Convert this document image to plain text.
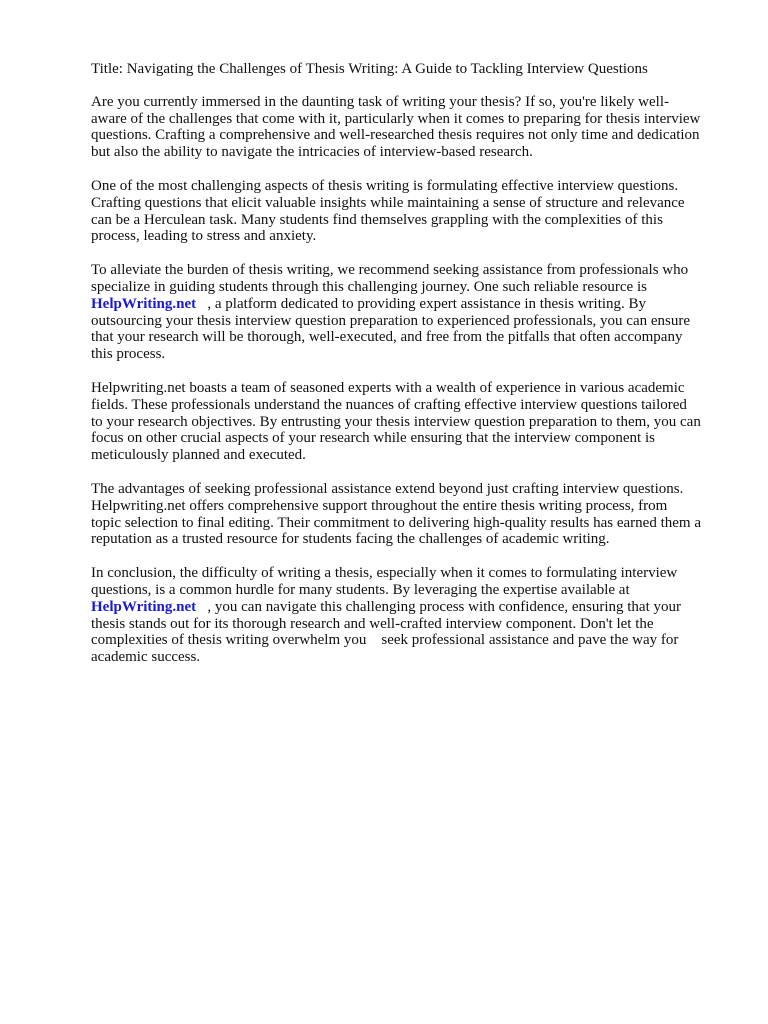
Title: Navigating the Challenges of Thesis Writing: A Guide to Tackling Interview Questions
Are you currently immersed in the daunting task of writing your thesis? If so, you're likely well-
aware of the challenges that come with it, particularly when it comes to preparing for thesis interview
questions. Crafting a comprehensive and well-researched thesis requires not only time and dedication
but also the ability to navigate the intricacies of interview-based research.
One of the most challenging aspects of thesis writing is formulating effective interview questions.
Crafting questions that elicit valuable insights while maintaining a sense of structure and relevance
can be a Herculean task. Many students find themselves grappling with the complexities of this
process, leading to stress and anxiety.
To alleviate the burden of thesis writing, we recommend seeking assistance from professionals who
specialize in guiding students through this challenging journey. One such reliable resource is
HelpWriting.net   , a platform dedicated to providing expert assistance in thesis writing. By
outsourcing your thesis interview question preparation to experienced professionals, you can ensure
that your research will be thorough, well-executed, and free from the pitfalls that often accompany
this process.
Helpwriting.net boasts a team of seasoned experts with a wealth of experience in various academic
fields. These professionals understand the nuances of crafting effective interview questions tailored
to your research objectives. By entrusting your thesis interview question preparation to them, you can
focus on other crucial aspects of your research while ensuring that the interview component is
meticulously planned and executed.
The advantages of seeking professional assistance extend beyond just crafting interview questions.
Helpwriting.net offers comprehensive support throughout the entire thesis writing process, from
topic selection to final editing. Their commitment to delivering high-quality results has earned them a
reputation as a trusted resource for students facing the challenges of academic writing.
In conclusion, the difficulty of writing a thesis, especially when it comes to formulating interview
questions, is a common hurdle for many students. By leveraging the expertise available at
HelpWriting.net   , you can navigate this challenging process with confidence, ensuring that your
thesis stands out for its thorough research and well-crafted interview component. Don't let the
complexities of thesis writing overwhelm you    seek professional assistance and pave the way for
academic success.
